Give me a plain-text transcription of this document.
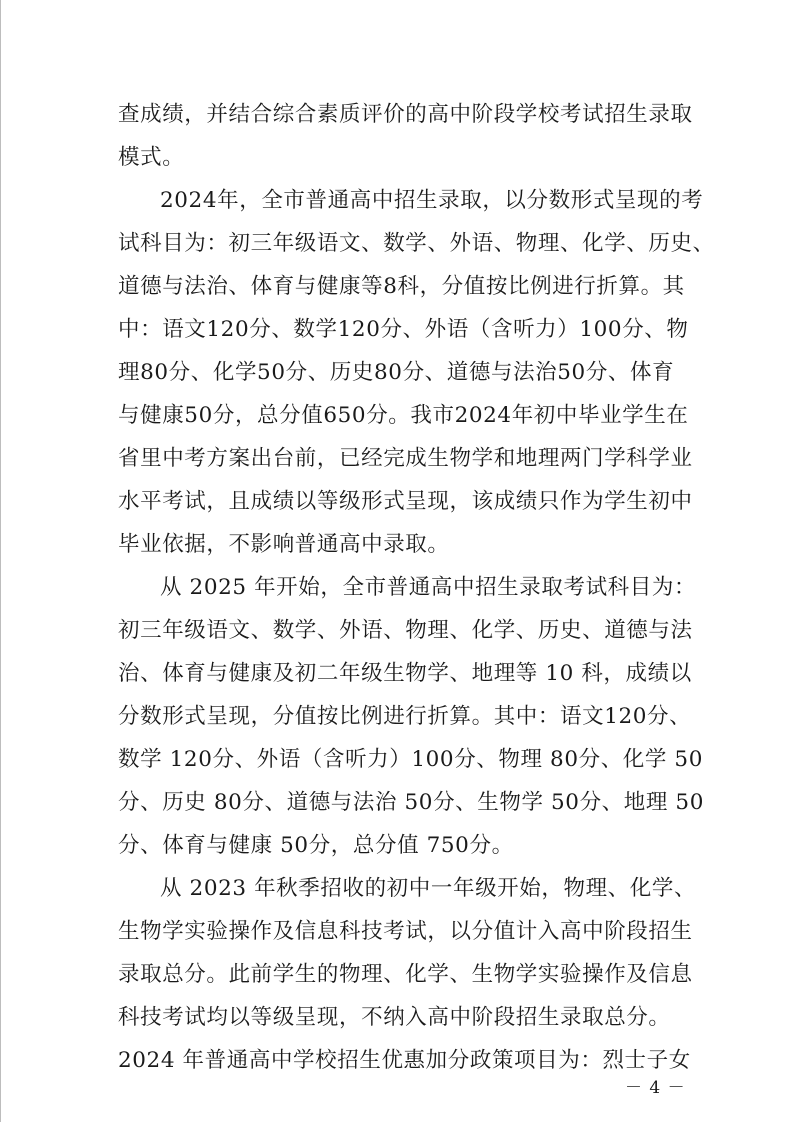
查成绩，并结合综合素质评价的高中阶段学校考试招生录取
模式。
2024年，全市普通高中招生录取，以分数形式呈现的考
试科目为：初三年级语文、数学、外语、物理、化学、历史、
道德与法治、体育与健康等8科，分值按比例进行折算。其
中：语文120分、数学120分、外语（含听力）100分、物
理80分、化学50分、历史80分、道德与法治50分、体育
与健康50分，总分值650分。我市2024年初中毕业学生在
省里中考方案出台前，已经完成生物学和地理两门学科学业
水平考试，且成绩以等级形式呈现，该成绩只作为学生初中
毕业依据，不影响普通高中录取。
从 2025 年开始，全市普通高中招生录取考试科目为：
初三年级语文、数学、外语、物理、化学、历史、道德与法
治、体育与健康及初二年级生物学、地理等 10 科，成绩以
分数形式呈现，分值按比例进行折算。其中：语文120分、
数学 120分、外语（含听力）100分、物理 80分、化学 50
分、历史 80分、道德与法治 50分、生物学 50分、地理 50
分、体育与健康 50分，总分值 750分。
从 2023 年秋季招收的初中一年级开始，物理、化学、
生物学实验操作及信息科技考试，以分值计入高中阶段招生
录取总分。此前学生的物理、化学、生物学实验操作及信息
科技考试均以等级呈现，不纳入高中阶段招生录取总分。
2024 年普通高中学校招生优惠加分政策项目为：烈士子女
－ 4 －
